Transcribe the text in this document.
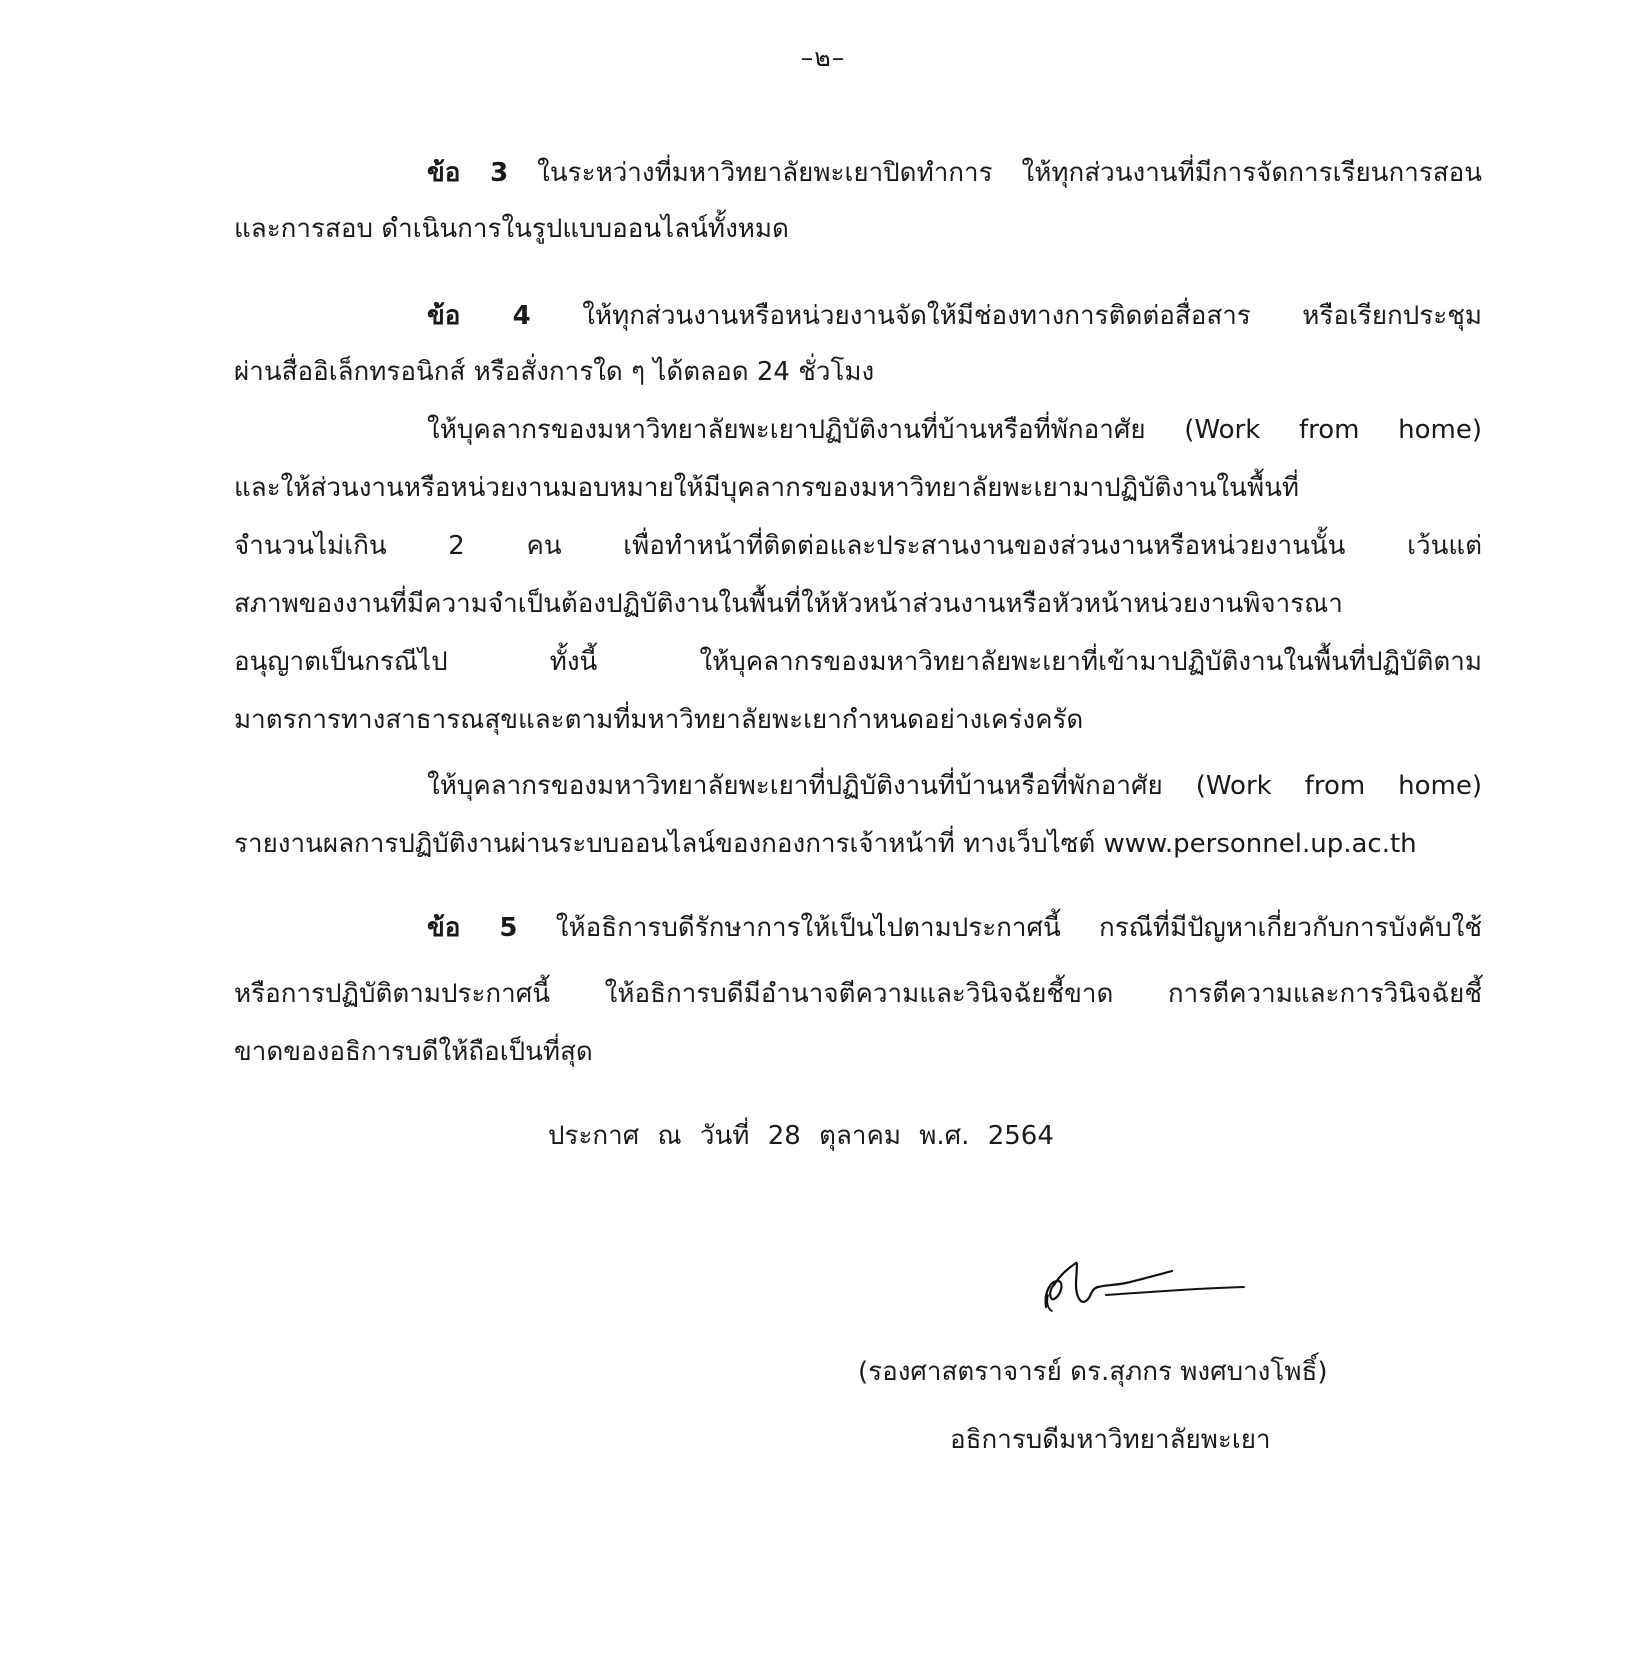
–๒–
ข้อ 3 ในระหว่างที่มหาวิทยาลัยพะเยาปิดทำการ ให้ทุกส่วนงานที่มีการจัดการเรียนการสอน
และการสอบ ดำเนินการในรูปแบบออนไลน์ทั้งหมด
ข้อ 4 ให้ทุกส่วนงานหรือหน่วยงานจัดให้มีช่องทางการติดต่อสื่อสาร หรือเรียกประชุม
ผ่านสื่ออิเล็กทรอนิกส์ หรือสั่งการใด ๆ ได้ตลอด 24 ชั่วโมง
ให้บุคลากรของมหาวิทยาลัยพะเยาปฏิบัติงานที่บ้านหรือที่พักอาศัย (Work from home)
และให้ส่วนงานหรือหน่วยงานมอบหมายให้มีบุคลากรของมหาวิทยาลัยพะเยามาปฏิบัติงานในพื้นที่
จำนวนไม่เกิน 2 คน เพื่อทำหน้าที่ติดต่อและประสานงานของส่วนงานหรือหน่วยงานนั้น เว้นแต่
สภาพของงานที่มีความจำเป็นต้องปฏิบัติงานในพื้นที่ให้หัวหน้าส่วนงานหรือหัวหน้าหน่วยงานพิจารณา
อนุญาตเป็นกรณีไป ทั้งนี้ ให้บุคลากรของมหาวิทยาลัยพะเยาที่เข้ามาปฏิบัติงานในพื้นที่ปฏิบัติตาม
มาตรการทางสาธารณสุขและตามที่มหาวิทยาลัยพะเยากำหนดอย่างเคร่งครัด
ให้บุคลากรของมหาวิทยาลัยพะเยาที่ปฏิบัติงานที่บ้านหรือที่พักอาศัย (Work from home)
รายงานผลการปฏิบัติงานผ่านระบบออนไลน์ของกองการเจ้าหน้าที่ ทางเว็บไซต์ www.personnel.up.ac.th
ข้อ 5 ให้อธิการบดีรักษาการให้เป็นไปตามประกาศนี้ กรณีที่มีปัญหาเกี่ยวกับการบังคับใช้
หรือการปฏิบัติตามประกาศนี้ ให้อธิการบดีมีอำนาจตีความและวินิจฉัยชี้ขาด การตีความและการวินิจฉัยชี้
ขาดของอธิการบดีให้ถือเป็นที่สุด
ประกาศ ณ วันที่ 28 ตุลาคม พ.ศ. 2564
(รองศาสตราจารย์ ดร.สุภกร พงศบางโพธิ์)
อธิการบดีมหาวิทยาลัยพะเยา
